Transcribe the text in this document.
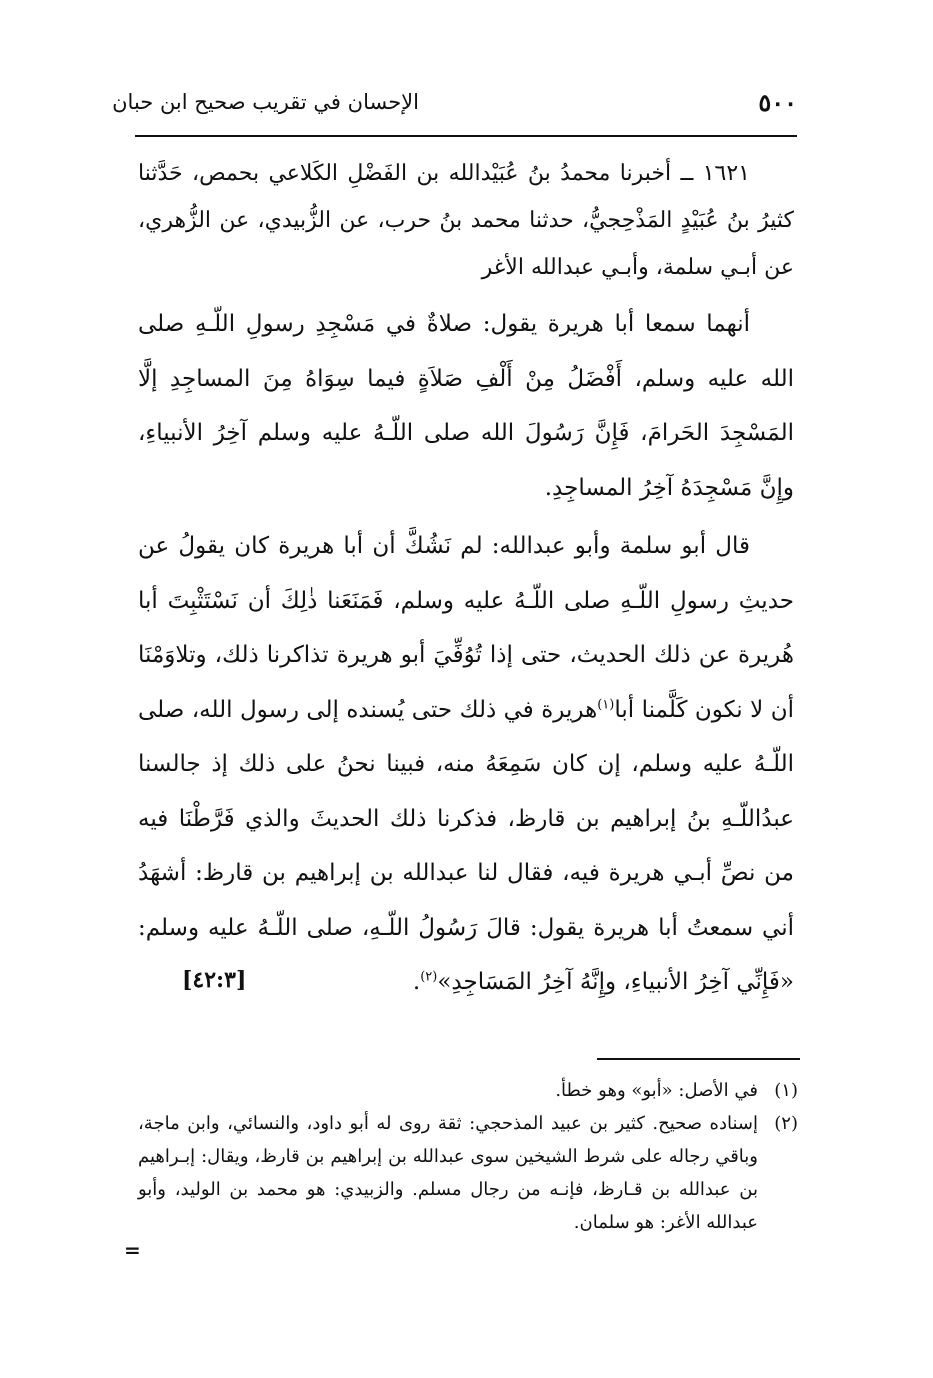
٥٠٠
الإحسان في تقريب صحيح ابن حبان

١٦٢١ ــ أخبرنا محمدُ بنُ عُبَيْدالله بن الفَضْلِ الكَلاعي بحمص، حَدَّثنا كثيرُ بنُ عُبَيْدٍ المَذْحِجيُّ، حدثنا محمد بنُ حرب، عن الزُّبيدي، عن الزُّهري، عن أبـي سلمة، وأبـي عبدالله الأغر

أنهما سمعا أبا هريرة يقول: صلاةٌ في مَسْجِدِ رسولِ اللّـهِ صلى الله عليه وسلم، أَفْضَلُ مِنْ أَلْفِ صَلاَةٍ فيما سِوَاهُ مِنَ المساجِدِ إلَّا المَسْجِدَ الحَرامَ، فَإِنَّ رَسُولَ الله صلى اللّـهُ عليه وسلم آخِرُ الأنبياءِ، وإِنَّ مَسْجِدَهُ آخِرُ المساجِدِ.

قال أبو سلمة وأبو عبدالله: لم نَشُكَّ أن أبا هريرة كان يقولُ عن حديثِ رسولِ اللّـهِ صلى اللّـهُ عليه وسلم، فَمَنَعَنا ذٰلِكَ أن نَسْتَثْبِتَ أبا هُريرة عن ذلك الحديث، حتى إذا تُوُفِّيَ أبو هريرة تذاكرنا ذلك، وتلاوَمْنَا أن لا نكون كَلَّمنا أبا$^{(١)}$هريرة في ذلك حتى يُسنده إلى رسول الله، صلى اللّـهُ عليه وسلم، إن كان سَمِعَهُ منه، فبينا نحنُ على ذلك إذ جالسنا عبدُاللّـهِ بنُ إبراهيم بن قارظ، فذكرنا ذلك الحديثَ والذي فَرَّطْنَا فيه من نصِّ أبـي هريرة فيه، فقال لنا عبدالله بن إبراهيم بن قارظ: أشهَدُ أني سمعتُ أبا هريرة يقول: قالَ رَسُولُ اللّـهِ، صلى اللّـهُ عليه وسلم: «فَإِنِّي آخِرُ الأنبياءِ، وإِنَّهُ آخِرُ المَسَاجِدِ»$^{(٢)}$.
[٤٢:٣]

(١)
في الأصل: «أبو» وهو خطأ.

(٢)
إسناده صحيح. كثير بن عبيد المذحجي: ثقة روى له أبو داود، والنسائي، وابن ماجة، وباقي رجاله على شرط الشيخين سوى عبدالله بن إبراهيم بن قارظ، ويقال: إبـراهيم بن عبدالله بن قـارظ، فإنـه من رجال مسلم. والزبيدي: هو محمد بن الوليد، وأبو عبدالله الأغر: هو سلمان.

=
